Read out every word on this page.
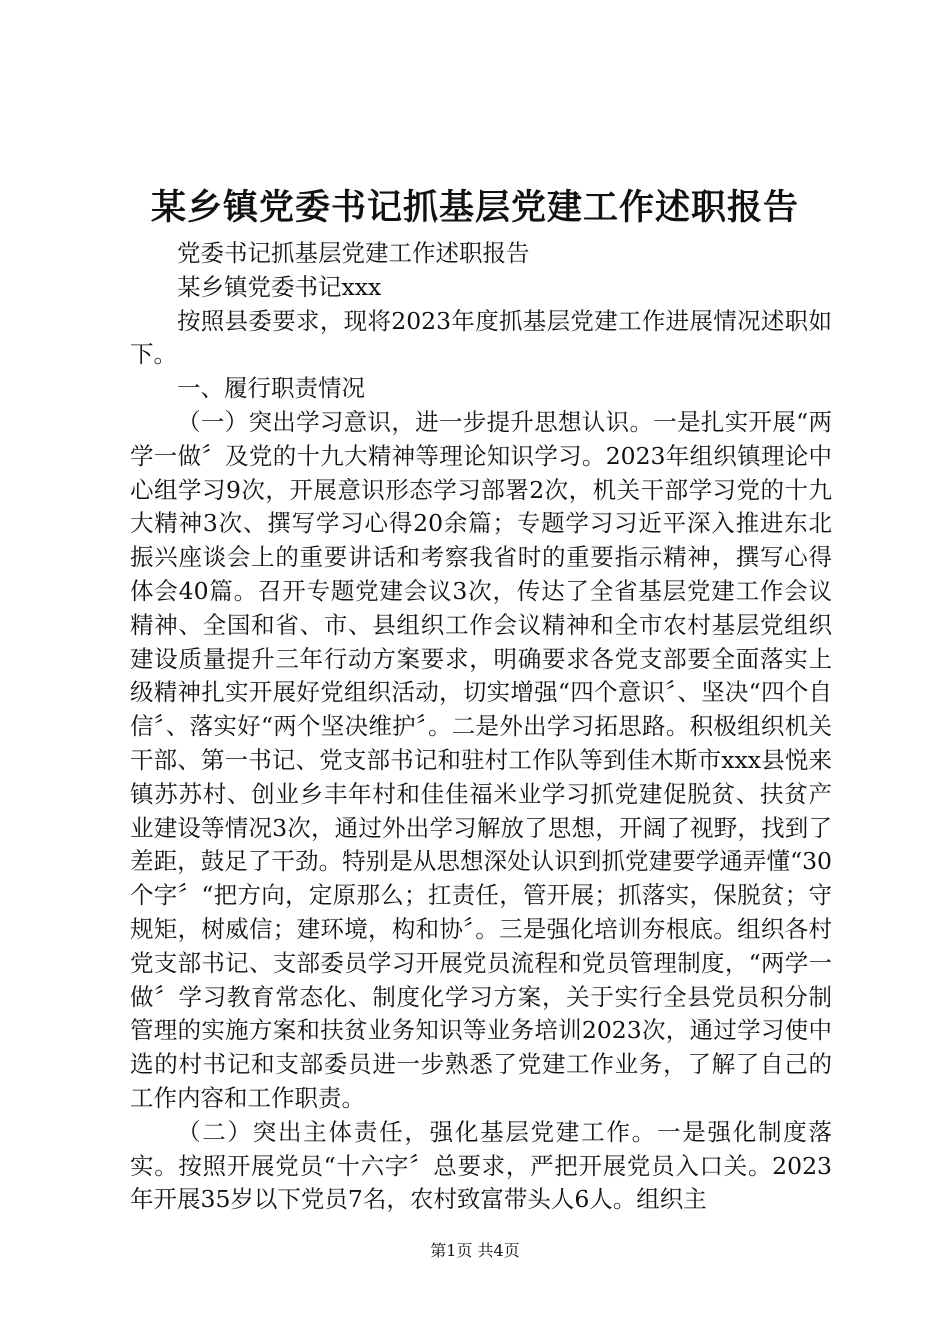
某乡镇党委书记抓基层党建工作述职报告

党委书记抓基层党建工作述职报告

某乡镇党委书记xxx

按照县委要求，现将2023年度抓基层党建工作进展情况述职如下。

一、履行职责情况

（一）突出学习意识，进一步提升思想认识。一是扎实开展“两学一做〞及党的十九大精神等理论知识学习。2023年组织镇理论中心组学习9次，开展意识形态学习部署2次，机关干部学习党的十九大精神3次、撰写学习心得20余篇；专题学习习近平深入推进东北振兴座谈会上的重要讲话和考察我省时的重要指示精神，撰写心得体会40篇。召开专题党建会议3次，传达了全省基层党建工作会议精神、全国和省、市、县组织工作会议精神和全市农村基层党组织建设质量提升三年行动方案要求，明确要求各党支部要全面落实上级精神扎实开展好党组织活动，切实增强“四个意识〞、坚决“四个自信〞、落实好“两个坚决维护〞。二是外出学习拓思路。积极组织机关干部、第一书记、党支部书记和驻村工作队等到佳木斯市xxx县悦来镇苏苏村、创业乡丰年村和佳佳福米业学习抓党建促脱贫、扶贫产业建设等情况3次，通过外出学习解放了思想，开阔了视野，找到了差距，鼓足了干劲。特别是从思想深处认识到抓党建要学通弄懂“30个字〞“把方向，定原那么；扛责任，管开展；抓落实，保脱贫；守规矩，树威信；建环境，构和协〞。三是强化培训夯根底。组织各村党支部书记、支部委员学习开展党员流程和党员管理制度，“两学一做〞学习教育常态化、制度化学习方案，关于实行全县党员积分制管理的实施方案和扶贫业务知识等业务培训2023次，通过学习使中选的村书记和支部委员进一步熟悉了党建工作业务，了解了自己的工作内容和工作职责。

（二）突出主体责任，强化基层党建工作。一是强化制度落实。按照开展党员“十六字〞总要求，严把开展党员入口关。2023年开展35岁以下党员7名，农村致富带头人6人。组织主

第1页 共4页
